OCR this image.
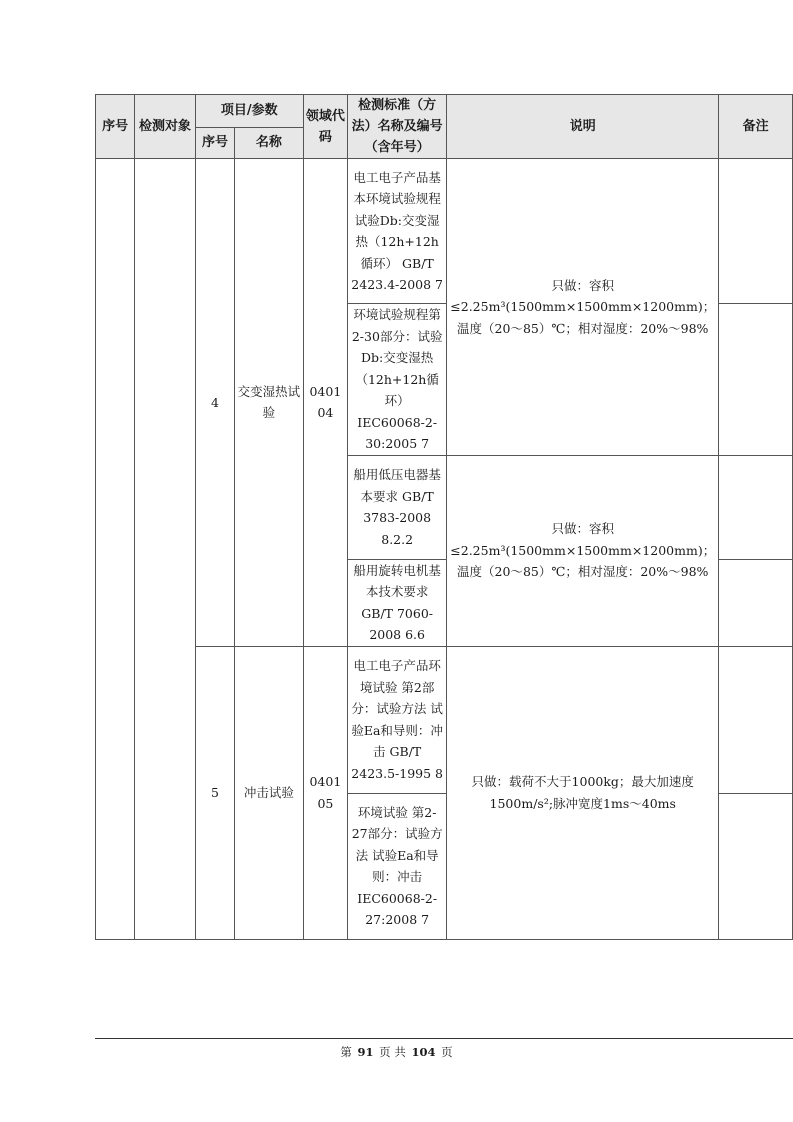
序号	检测对象	项目/参数		领域代码	检测标准（方法）名称及编号（含年号）	说明	备注
		序号	名称				
		4	交变湿热试验	0401 04	电工电子产品基本环境试验规程 试验Db:交变湿热（12h+12h循环） GB/T 2423.4-2008 7	只做：容积≤2.25m³(1500mm×1500mm×1200mm)；温度（20～85）℃；相对湿度：20%～98%	
					环境试验规程第2-30部分：试验Db:交变湿热（12h+12h循环）IEC60068-2-30:2005 7		
					船用低压电器基本要求 GB/T 3783-2008 8.2.2	只做：容积≤2.25m³(1500mm×1500mm×1200mm)；温度（20～85）℃；相对湿度：20%～98%	
					船用旋转电机基本技术要求 GB/T 7060-2008 6.6		
		5	冲击试验	0401 05	电工电子产品环境试验 第2部分：试验方法 试验Ea和导则：冲击 GB/T 2423.5-1995 8	只做：载荷不大于1000kg；最大加速度1500m/s²;脉冲宽度1ms～40ms	
					环境试验 第2-27部分：试验方法 试验Ea和导则：冲击 IEC60068-2-27:2008 7		
第 91 页 共 104 页
